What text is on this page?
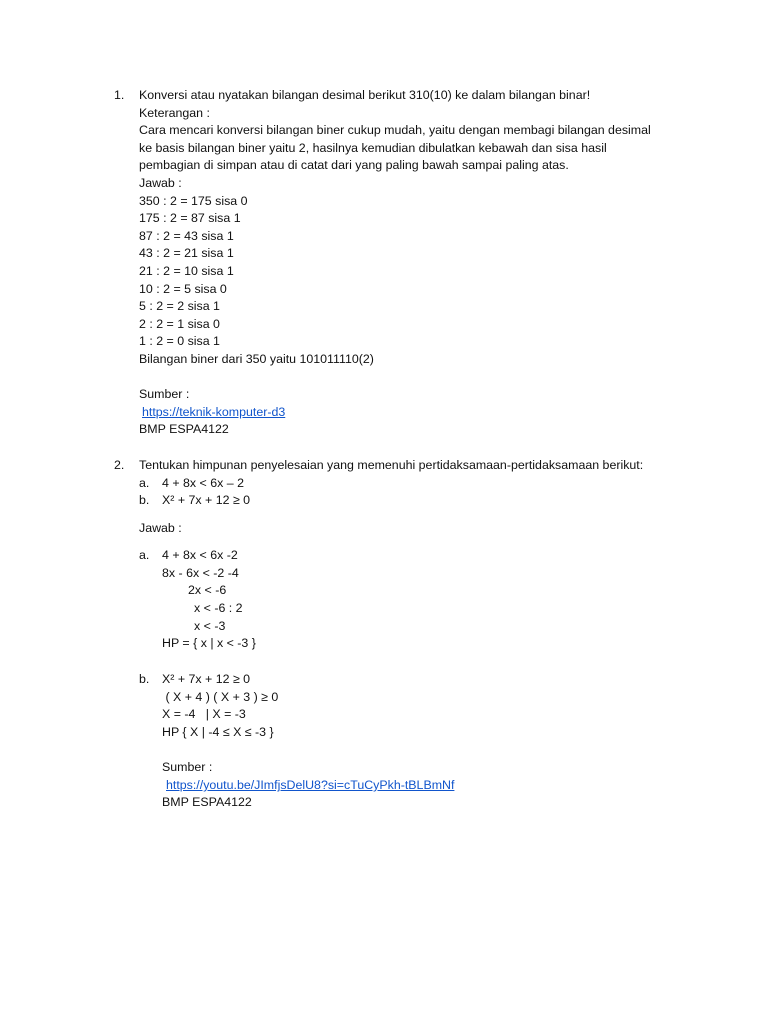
1. Konversi atau nyatakan bilangan desimal berikut 310(10) ke dalam bilangan binar!
Keterangan :
Cara mencari konversi bilangan biner cukup mudah, yaitu dengan membagi bilangan desimal
ke basis bilangan biner yaitu 2, hasilnya kemudian dibulatkan kebawah dan sisa hasil
pembagian di simpan atau di catat dari yang paling bawah sampai paling atas.
Jawab :
350 : 2 = 175 sisa 0
175 : 2 = 87 sisa 1
87 : 2 = 43 sisa 1
43 : 2 = 21 sisa 1
21 : 2 = 10 sisa 1
10 : 2 = 5 sisa 0
5 : 2 = 2 sisa 1
2 : 2 = 1 sisa 0
1 : 2 = 0 sisa 1
Bilangan biner dari 350 yaitu 101011110(2)
Sumber :
https://teknik-komputer-d3
BMP ESPA4122
2. Tentukan himpunan penyelesaian yang memenuhi pertidaksamaan-pertidaksamaan berikut:
a. 4 + 8x < 6x – 2
b. X² + 7x + 12 ≥ 0
Jawab :
a. 4 + 8x < 6x -2
8x - 6x < -2 -4
2x < -6
x < -6 : 2
x < -3
HP = { x | x < -3 }
b. X² + 7x + 12 ≥ 0
( X + 4 ) ( X + 3 ) ≥ 0
X = -4   | X = -3
HP { X | -4 ≤ X ≤ -3 }
Sumber :
https://youtu.be/JImfjsDelU8?si=cTuCyPkh-tBLBmNf
BMP ESPA4122
